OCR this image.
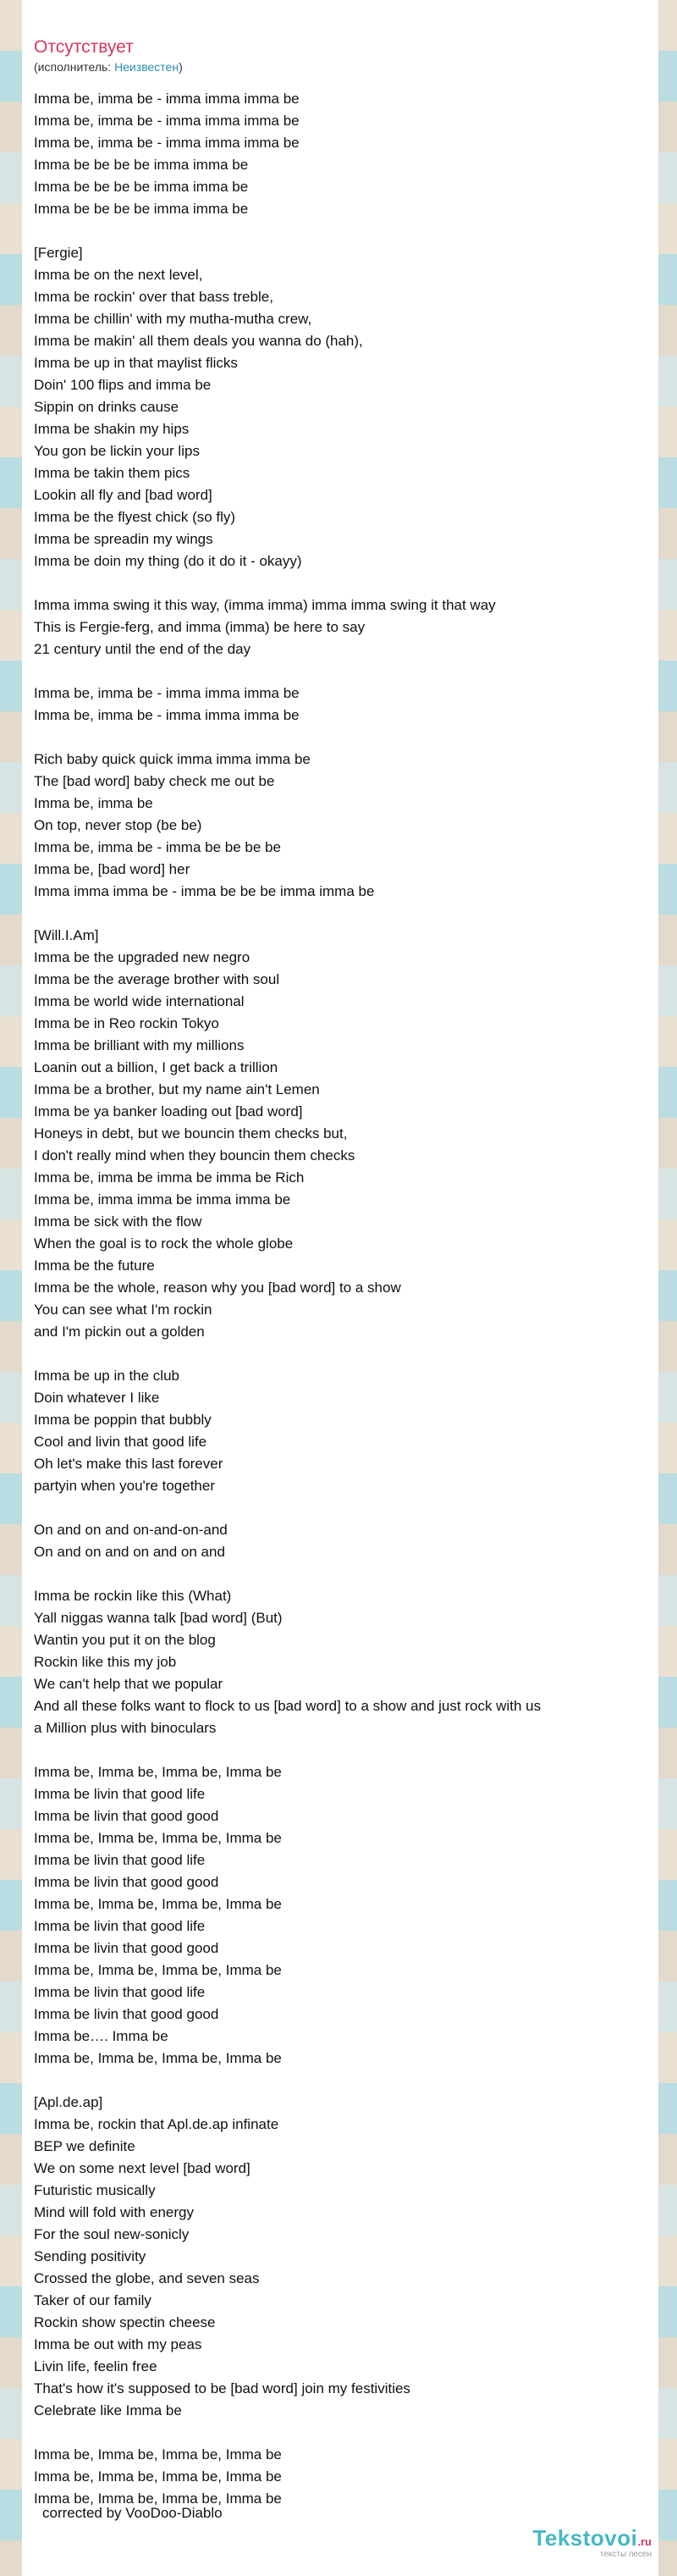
Отсутствует
(исполнитель: Неизвестен)
Imma be, imma be - imma imma imma be
Imma be, imma be - imma imma imma be
Imma be, imma be - imma imma imma be
Imma be be be be imma imma be
Imma be be be be imma imma be
Imma be be be be imma imma be
[Fergie]
Imma be on the next level,
Imma be rockin' over that bass treble,
Imma be chillin' with my mutha-mutha crew,
Imma be makin' all them deals you wanna do (hah),
Imma be up in that maylist flicks
Doin' 100 flips and imma be
Sippin on drinks cause
Imma be shakin my hips
You gon be lickin your lips
Imma be takin them pics
Lookin all fly and [bad word]
Imma be the flyest chick (so fly)
Imma be spreadin my wings
Imma be doin my thing (do it do it - okayy)
Imma imma swing it this way, (imma imma) imma imma swing it that way
This is Fergie-ferg, and imma (imma) be here to say
21 century until the end of the day
Imma be, imma be - imma imma imma be
Imma be, imma be - imma imma imma be
Rich baby quick quick imma imma imma be
The [bad word] baby check me out be
Imma be, imma be
On top, never stop (be be)
Imma be, imma be - imma be be be be
Imma be, [bad word] her
Imma imma imma be - imma be be be imma imma be
[Will.I.Am]
Imma be the upgraded new negro
Imma be the average brother with soul
Imma be world wide international
Imma be in Reo rockin Tokyo
Imma be brilliant with my millions
Loanin out a billion, I get back a trillion
Imma be a brother, but my name ain't Lemen
Imma be ya banker loading out [bad word]
Honeys in debt, but we bouncin them checks but,
I don't really mind when they bouncin them checks
Imma be, imma be imma be imma be Rich
Imma be, imma imma be imma imma be
Imma be sick with the flow
When the goal is to rock the whole globe
Imma be the future
Imma be the whole, reason why you [bad word] to a show
You can see what I'm rockin
and I'm pickin out a golden
Imma be up in the club
Doin whatever I like
Imma be poppin that bubbly
Cool and livin that good life
Oh let's make this last forever
partyin when you're together
On and on and on-and-on-and
On and on and on and on and
Imma be rockin like this (What)
Yall niggas wanna talk [bad word] (But)
Wantin you put it on the blog
Rockin like this my job
We can't help that we popular
And all these folks want to flock to us [bad word] to a show and just rock with us
a Million plus with binoculars
Imma be, Imma be, Imma be, Imma be
Imma be livin that good life
Imma be livin that good good
Imma be, Imma be, Imma be, Imma be
Imma be livin that good life
Imma be livin that good good
Imma be, Imma be, Imma be, Imma be
Imma be livin that good life
Imma be livin that good good
Imma be, Imma be, Imma be, Imma be
Imma be livin that good life
Imma be livin that good good
Imma be…. Imma be
Imma be, Imma be, Imma be, Imma be
[Apl.de.ap]
Imma be, rockin that Apl.de.ap infinate
BEP we definite
We on some next level [bad word]
Futuristic musically
Mind will fold with energy
For the soul new-sonicly
Sending positivity
Crossed the globe, and seven seas
Taker of our family
Rockin show spectin cheese
Imma be out with my peas
Livin life, feelin free
That's how it's supposed to be [bad word] join my festivities
Celebrate like Imma be
Imma be, Imma be, Imma be, Imma be
Imma be, Imma be, Imma be, Imma be
Imma be, Imma be, Imma be, Imma be
corrected by VooDoo-Diablo
Tekstovoi.ru
тексты песен
